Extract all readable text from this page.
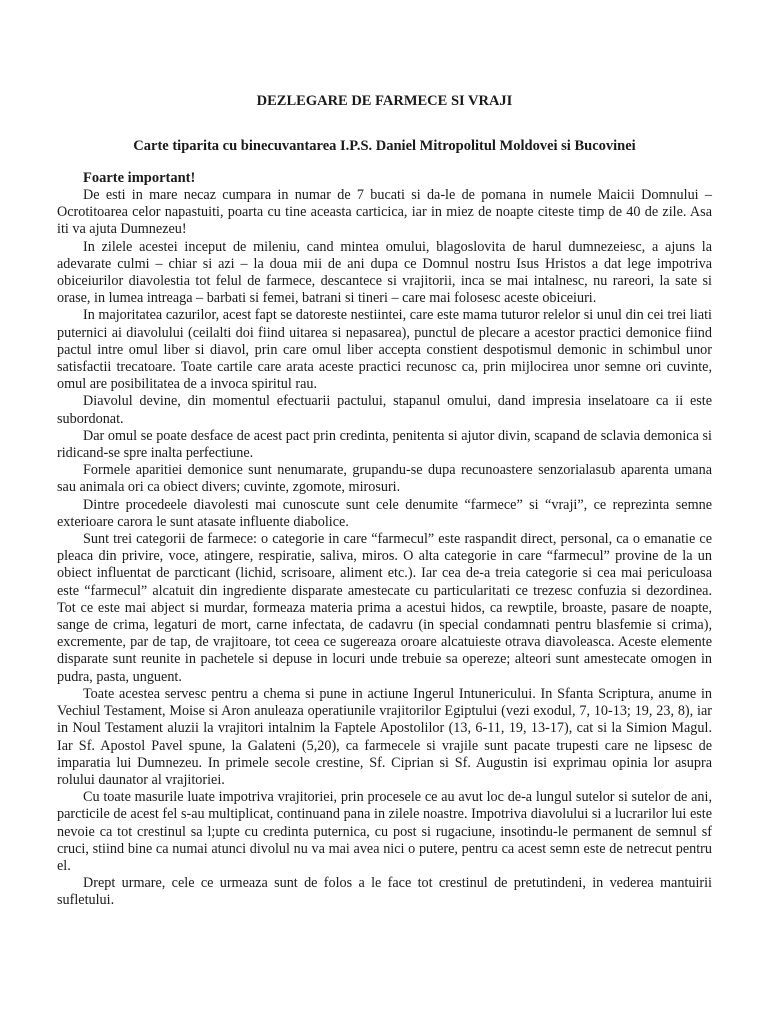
DEZLEGARE DE FARMECE SI VRAJI
Carte tiparita cu binecuvantarea I.P.S. Daniel Mitropolitul Moldovei si Bucovinei
Foarte important!

De esti in mare necaz cumpara in numar de 7 bucati si da-le de pomana in numele Maicii Domnului – Ocrotitoarea celor napastuiti, poarta cu tine aceasta carticica, iar in miez de noapte citeste timp de 40 de zile. Asa iti va ajuta Dumnezeu!

In zilele acestei inceput de mileniu, cand mintea omului, blagoslovita de harul dumnezeiesc, a ajuns la adevarate culmi – chiar si azi – la doua mii de ani dupa ce Domnul nostru Isus Hristos a dat lege impotriva obiceiurilor diavolestia tot felul de farmece, descantece si vrajitorii, inca se mai intalnesc, nu rareori, la sate si orase, in lumea intreaga – barbati si femei, batrani si tineri – care mai folosesc aceste obiceiuri.

In majoritatea cazurilor, acest fapt se datoreste nestiintei, care este mama tuturor relelor si unul din cei trei liati puternici ai diavolului (ceilalti doi fiind uitarea si nepasarea), punctul de plecare a acestor practici demonice fiind pactul intre omul liber si diavol, prin care omul liber accepta constient despotismul demonic in schimbul unor satisfactii trecatoare. Toate cartile care arata aceste practici recunosc ca, prin mijlocirea unor semne ori cuvinte, omul are posibilitatea de a invoca spiritul rau.

Diavolul devine, din momentul efectuarii pactului, stapanul omului, dand impresia inselatoare ca ii este subordonat.

Dar omul se poate desface de acest pact prin credinta, penitenta si ajutor divin, scapand de sclavia demonica si ridicand-se spre inalta perfectiune.

Formele aparitiei demonice sunt nenumarate, grupandu-se dupa recunoastere senzorialasub aparenta umana sau animala ori ca obiect divers; cuvinte, zgomote, mirosuri.

Dintre procedeele diavolesti mai cunoscute sunt cele denumite “farmece” si “vraji”, ce reprezinta semne exterioare carora le sunt atasate influente diabolice.

Sunt trei categorii de farmece: o categorie in care “farmecul” este raspandit direct, personal, ca o emanatie ce pleaca din privire, voce, atingere, respiratie, saliva, miros. O alta categorie in care “farmecul” provine de la un obiect influentat de parcticant (lichid, scrisoare, aliment etc.). Iar cea de-a treia categorie si cea mai periculoasa este “farmecul” alcatuit din ingrediente disparate amestecate cu particularitati ce trezesc confuzia si dezordinea. Tot ce este mai abject si murdar, formeaza materia prima a acestui hidos, ca rewptile, broaste, pasare de noapte, sange de crima, legaturi de mort, carne infectata, de cadavru (in special condamnati pentru blasfemie si crima), excremente, par de tap, de vrajitoare, tot ceea ce sugereaza oroare alcatuieste otrava diavoleasca. Aceste elemente disparate sunt reunite in pachetele si depuse in locuri unde trebuie sa opereze; alteori sunt amestecate omogen in pudra, pasta, unguent.

Toate acestea servesc pentru a chema si pune in actiune Ingerul Intunericului. In Sfanta Scriptura, anume in Vechiul Testament, Moise si Aron anuleaza operatiunile vrajitorilor Egiptului (vezi exodul, 7, 10-13; 19, 23, 8), iar in Noul Testament aluzii la vrajitori intalnim la Faptele Apostolilor (13, 6-11, 19, 13-17), cat si la Simion Magul. Iar Sf. Apostol Pavel spune, la Galateni (5,20), ca farmecele si vrajile sunt pacate trupesti care ne lipsesc de imparatia lui Dumnezeu. In primele secole crestine, Sf. Ciprian si Sf. Augustin isi exprimau opinia lor asupra rolului daunator al vrajitoriei.

Cu toate masurile luate impotriva vrajitoriei, prin procesele ce au avut loc de-a lungul sutelor si sutelor de ani, parcticile de acest fel s-au multiplicat, continuand pana in zilele noastre. Impotriva diavolului si a lucrarilor lui este nevoie ca tot crestinul sa l;upte cu credinta puternica, cu post si rugaciune, insotindu-le permanent de semnul sf cruci, stiind bine ca numai atunci divolul nu va mai avea nici o putere, pentru ca acest semn este de netrecut pentru el.

Drept urmare, cele ce urmeaza sunt de folos a le face tot crestinul de pretutindeni, in vederea mantuirii sufletului.
